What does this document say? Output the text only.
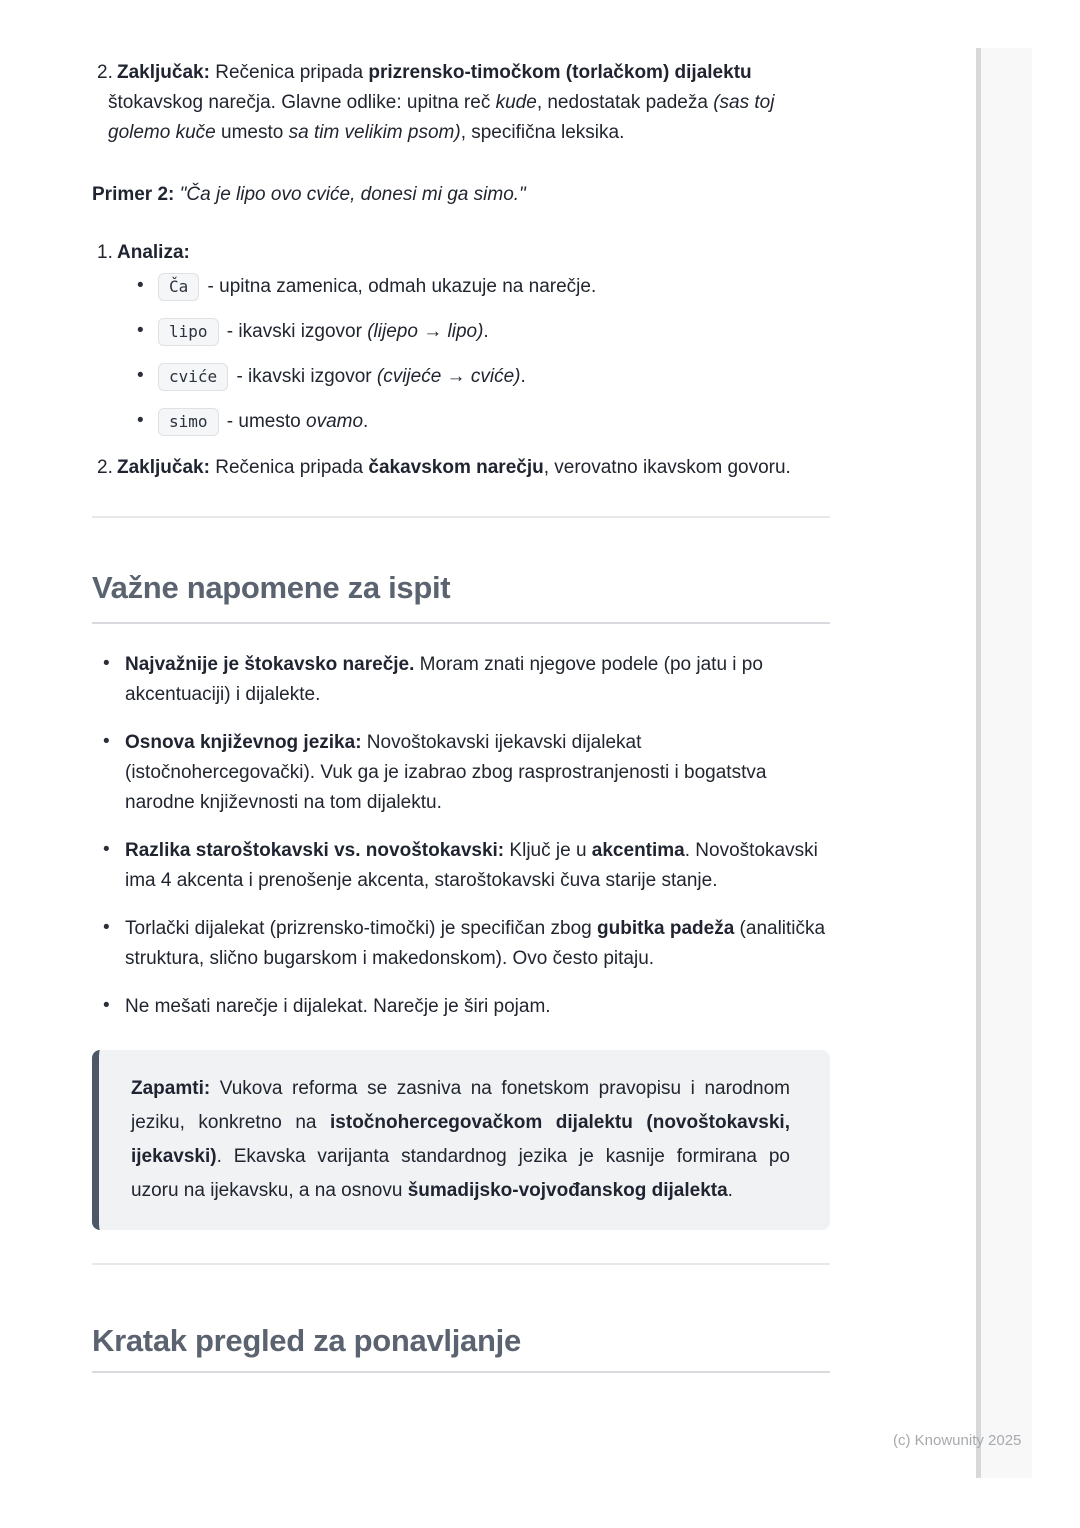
2. Zaključak: Rečenica pripada prizrensko-timočkom (torlačkom) dijalektu štokavskog narečja. Glavne odlike: upitna reč kude, nedostatak padeža (sas toj golemo kuče umesto sa tim velikim psom), specifična leksika.

Primer 2: "Ča je lipo ovo cviće, donesi mi ga simo."

1. Analiza:
• Ča - upitna zamenica, odmah ukazuje na narečje.
• lipo - ikavski izgovor (lijepo → lipo).
• cviće - ikavski izgovor (cvijeće → cviće).
• simo - umesto ovamo.
2. Zaključak: Rečenica pripada čakavskom narečju, verovatno ikavskom govoru.
Važne napomene za ispit
• Najvažnije je štokavsko narečje. Moram znati njegove podele (po jatu i po akcentuaciji) i dijalekte.
• Osnova književnog jezika: Novoštokavski ijekavski dijalekat (istočnohercegovački). Vuk ga je izabrao zbog rasprostranjenosti i bogatstva narodne književnosti na tom dijalektu.
• Razlika staroštokavski vs. novoštokavski: Ključ je u akcentima. Novoštokavski ima 4 akcenta i prenošenje akcenta, staroštokavski čuva starije stanje.
• Torlački dijalekat (prizrensko-timočki) je specifičan zbog gubitka padeža (analitička struktura, slično bugarskom i makedonskom). Ovo često pitaju.
• Ne mešati narečje i dijalekat. Narečje je širi pojam.
Zapamti: Vukova reforma se zasniva na fonetskom pravopisu i narodnom jeziku, konkretno na istočnohercegovačkom dijalektu (novoštokavski, ijekavski). Ekavska varijanta standardnog jezika je kasnije formirana po uzoru na ijekavsku, a na osnovu šumadijsko-vojvođanskog dijalekta.
Kratak pregled za ponavljanje
(c) Knowunity 2025
